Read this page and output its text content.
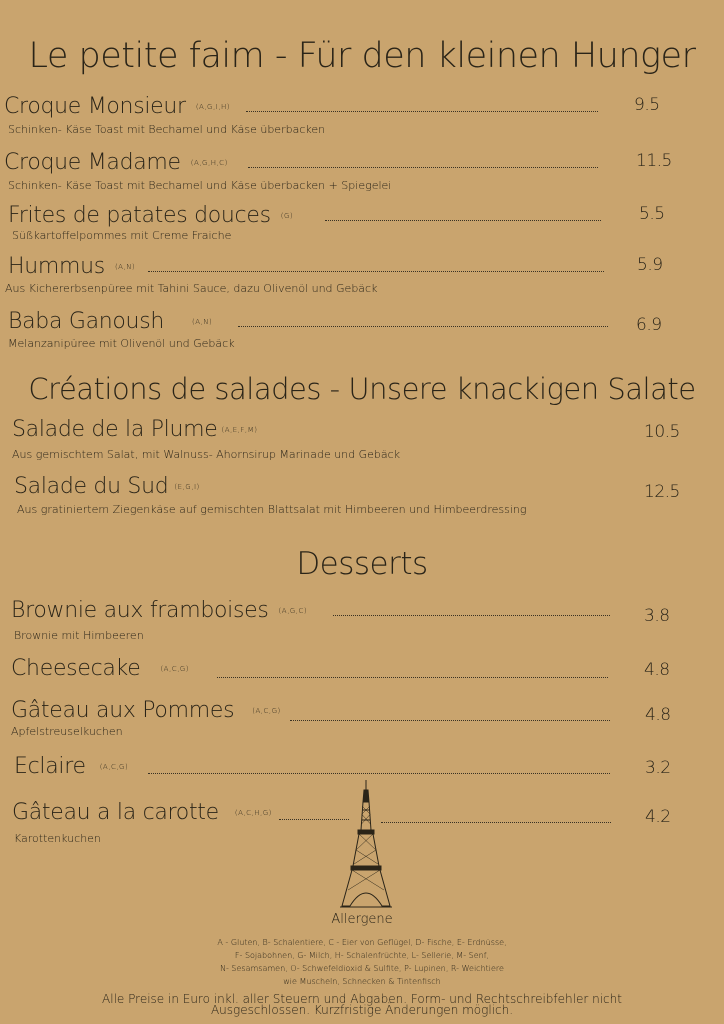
Le petite faim - Für den kleinen Hunger
Croque Monsieur (A,G,I,H)	9.5
Schinken- Käse Toast mit Bechamel und Käse überbacken
Croque Madame (A,G,H,C)	11.5
Schinken- Käse Toast mit Bechamel und Käse überbacken + Spiegelei
Frites de patates douces (G)	5.5
Süßkartoffelpommes mit Creme Fraiche
Hummus (A,N)	5.9
Aus Kichererbsenpüree mit Tahini Sauce, dazu Olivenöl und Gebäck
Baba Ganoush	(A,N)	6.9
Melanzanipüree mit Olivenöl und Gebäck
Créations de salades - Unsere knackigen Salate
Salade de la Plume (A,E,F,M)	10.5
Aus gemischtem Salat, mit Walnuss- Ahornsirup Marinade und Gebäck
Salade du Sud (E,G,I)	12.5
Aus gratiniertem Ziegenkäse auf gemischten Blattsalat mit Himbeeren und Himbeerdressing
Desserts
Brownie aux framboises (A,G,C)	3.8
Brownie mit Himbeeren
Cheesecake	(A,C,G)	4.8
Gâteau aux Pommes	(A,C,G)	4.8
Apfelstreuselkuchen
Eclaire (A,C,G)	3.2
Gâteau a la carotte (A,C,H,G)	4.2
Karottenkuchen
Allergene
A - Gluten, B- Schalentiere, C - Eier von Geflügel, D- Fische, E- Erdnüsse,
F- Sojabohnen, G- Milch, H- Schalenfrüchte, L- Sellerie, M- Senf,
N- Sesamsamen, O- Schwefeldioxid & Sulfite, P- Lupinen, R- Weichtiere
wie Muscheln, Schnecken & Tintenfisch
Alle Preise in Euro inkl. aller Steuern und Abgaben. Form- und Rechtschreibfehler nicht
Ausgeschlossen. Kurzfristige Änderungen möglich.
